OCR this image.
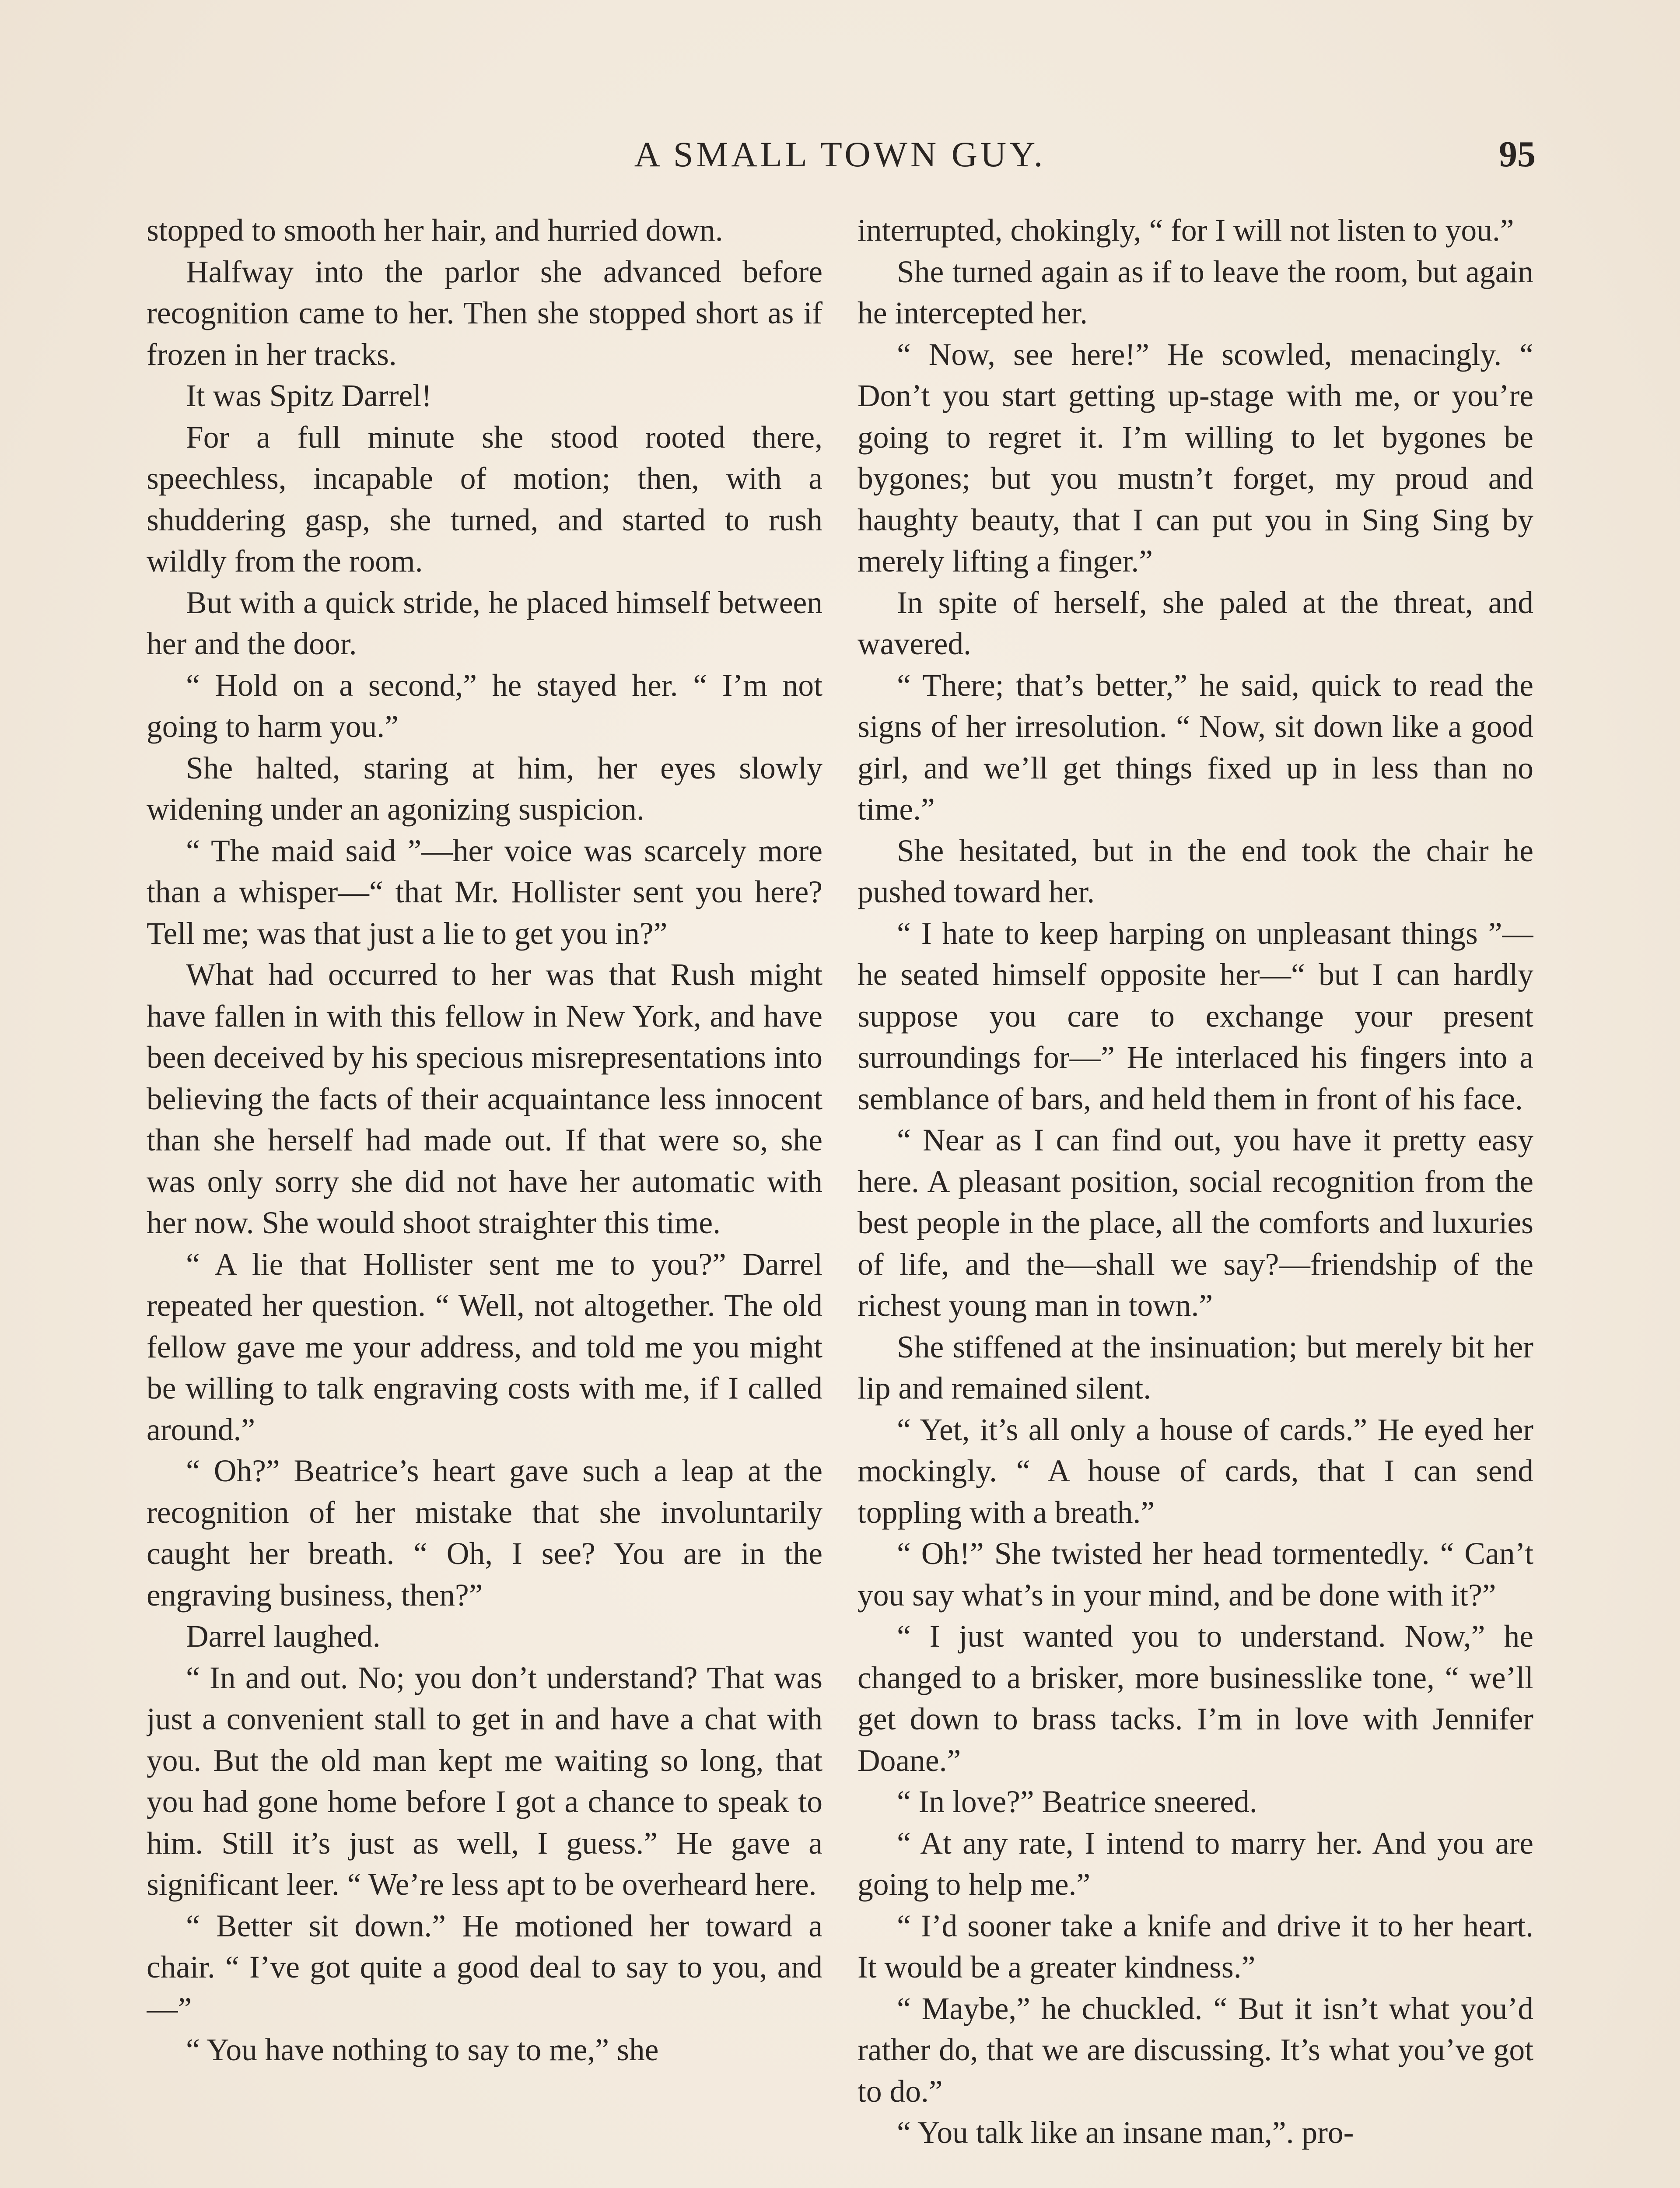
A SMALL TOWN GUY.	95

stopped to smooth her hair, and hurried down.

Halfway into the parlor she advanced before recognition came to her. Then she stopped short as if frozen in her tracks.

It was Spitz Darrel!

For a full minute she stood rooted there, speechless, incapable of motion; then, with a shuddering gasp, she turned, and started to rush wildly from the room.

But with a quick stride, he placed himself between her and the door.

“ Hold on a second,” he stayed her. “ I’m not going to harm you.”

She halted, staring at him, her eyes slowly widening under an agonizing suspicion.

“ The maid said ”—her voice was scarcely more than a whisper—“ that Mr. Hollister sent you here? Tell me; was that just a lie to get you in?”

What had occurred to her was that Rush might have fallen in with this fellow in New York, and have been deceived by his specious misrepresentations into believing the facts of their acquaintance less innocent than she herself had made out. If that were so, she was only sorry she did not have her automatic with her now. She would shoot straighter this time.

“ A lie that Hollister sent me to you?” Darrel repeated her question. “ Well, not altogether. The old fellow gave me your address, and told me you might be willing to talk engraving costs with me, if I called around.”

“ Oh?” Beatrice’s heart gave such a leap at the recognition of her mistake that she involuntarily caught her breath. “ Oh, I see? You are in the engraving business, then?”

Darrel laughed.

“ In and out. No; you don’t understand? That was just a convenient stall to get in and have a chat with you. But the old man kept me waiting so long, that you had gone home before I got a chance to speak to him. Still it’s just as well, I guess.” He gave a significant leer. “ We’re less apt to be overheard here.

“ Better sit down.” He motioned her toward a chair. “ I’ve got quite a good deal to say to you, and—”

“ You have nothing to say to me,” she

interrupted, chokingly, “ for I will not listen to you.”

She turned again as if to leave the room, but again he intercepted her.

“ Now, see here!” He scowled, menacingly. “ Don’t you start getting up-stage with me, or you’re going to regret it. I’m willing to let bygones be bygones; but you mustn’t forget, my proud and haughty beauty, that I can put you in Sing Sing by merely lifting a finger.”

In spite of herself, she paled at the threat, and wavered.

“ There; that’s better,” he said, quick to read the signs of her irresolution. “ Now, sit down like a good girl, and we’ll get things fixed up in less than no time.”

She hesitated, but in the end took the chair he pushed toward her.

“ I hate to keep harping on unpleasant things ”—he seated himself opposite her—“ but I can hardly suppose you care to exchange your present surroundings for—” He interlaced his fingers into a semblance of bars, and held them in front of his face.

“ Near as I can find out, you have it pretty easy here. A pleasant position, social recognition from the best people in the place, all the comforts and luxuries of life, and the—shall we say?—friendship of the richest young man in town.”

She stiffened at the insinuation; but merely bit her lip and remained silent.

“ Yet, it’s all only a house of cards.” He eyed her mockingly. “ A house of cards, that I can send toppling with a breath.”

“ Oh!” She twisted her head tormentedly. “ Can’t you say what’s in your mind, and be done with it?”

“ I just wanted you to understand. Now,” he changed to a brisker, more businesslike tone, “ we’ll get down to brass tacks. I’m in love with Jennifer Doane.”

“ In love?” Beatrice sneered.

“ At any rate, I intend to marry her. And you are going to help me.”

“ I’d sooner take a knife and drive it to her heart. It would be a greater kindness.”

“ Maybe,” he chuckled. “ But it isn’t what you’d rather do, that we are discussing. It’s what you’ve got to do.”

“ You talk like an insane man,”. pro-
